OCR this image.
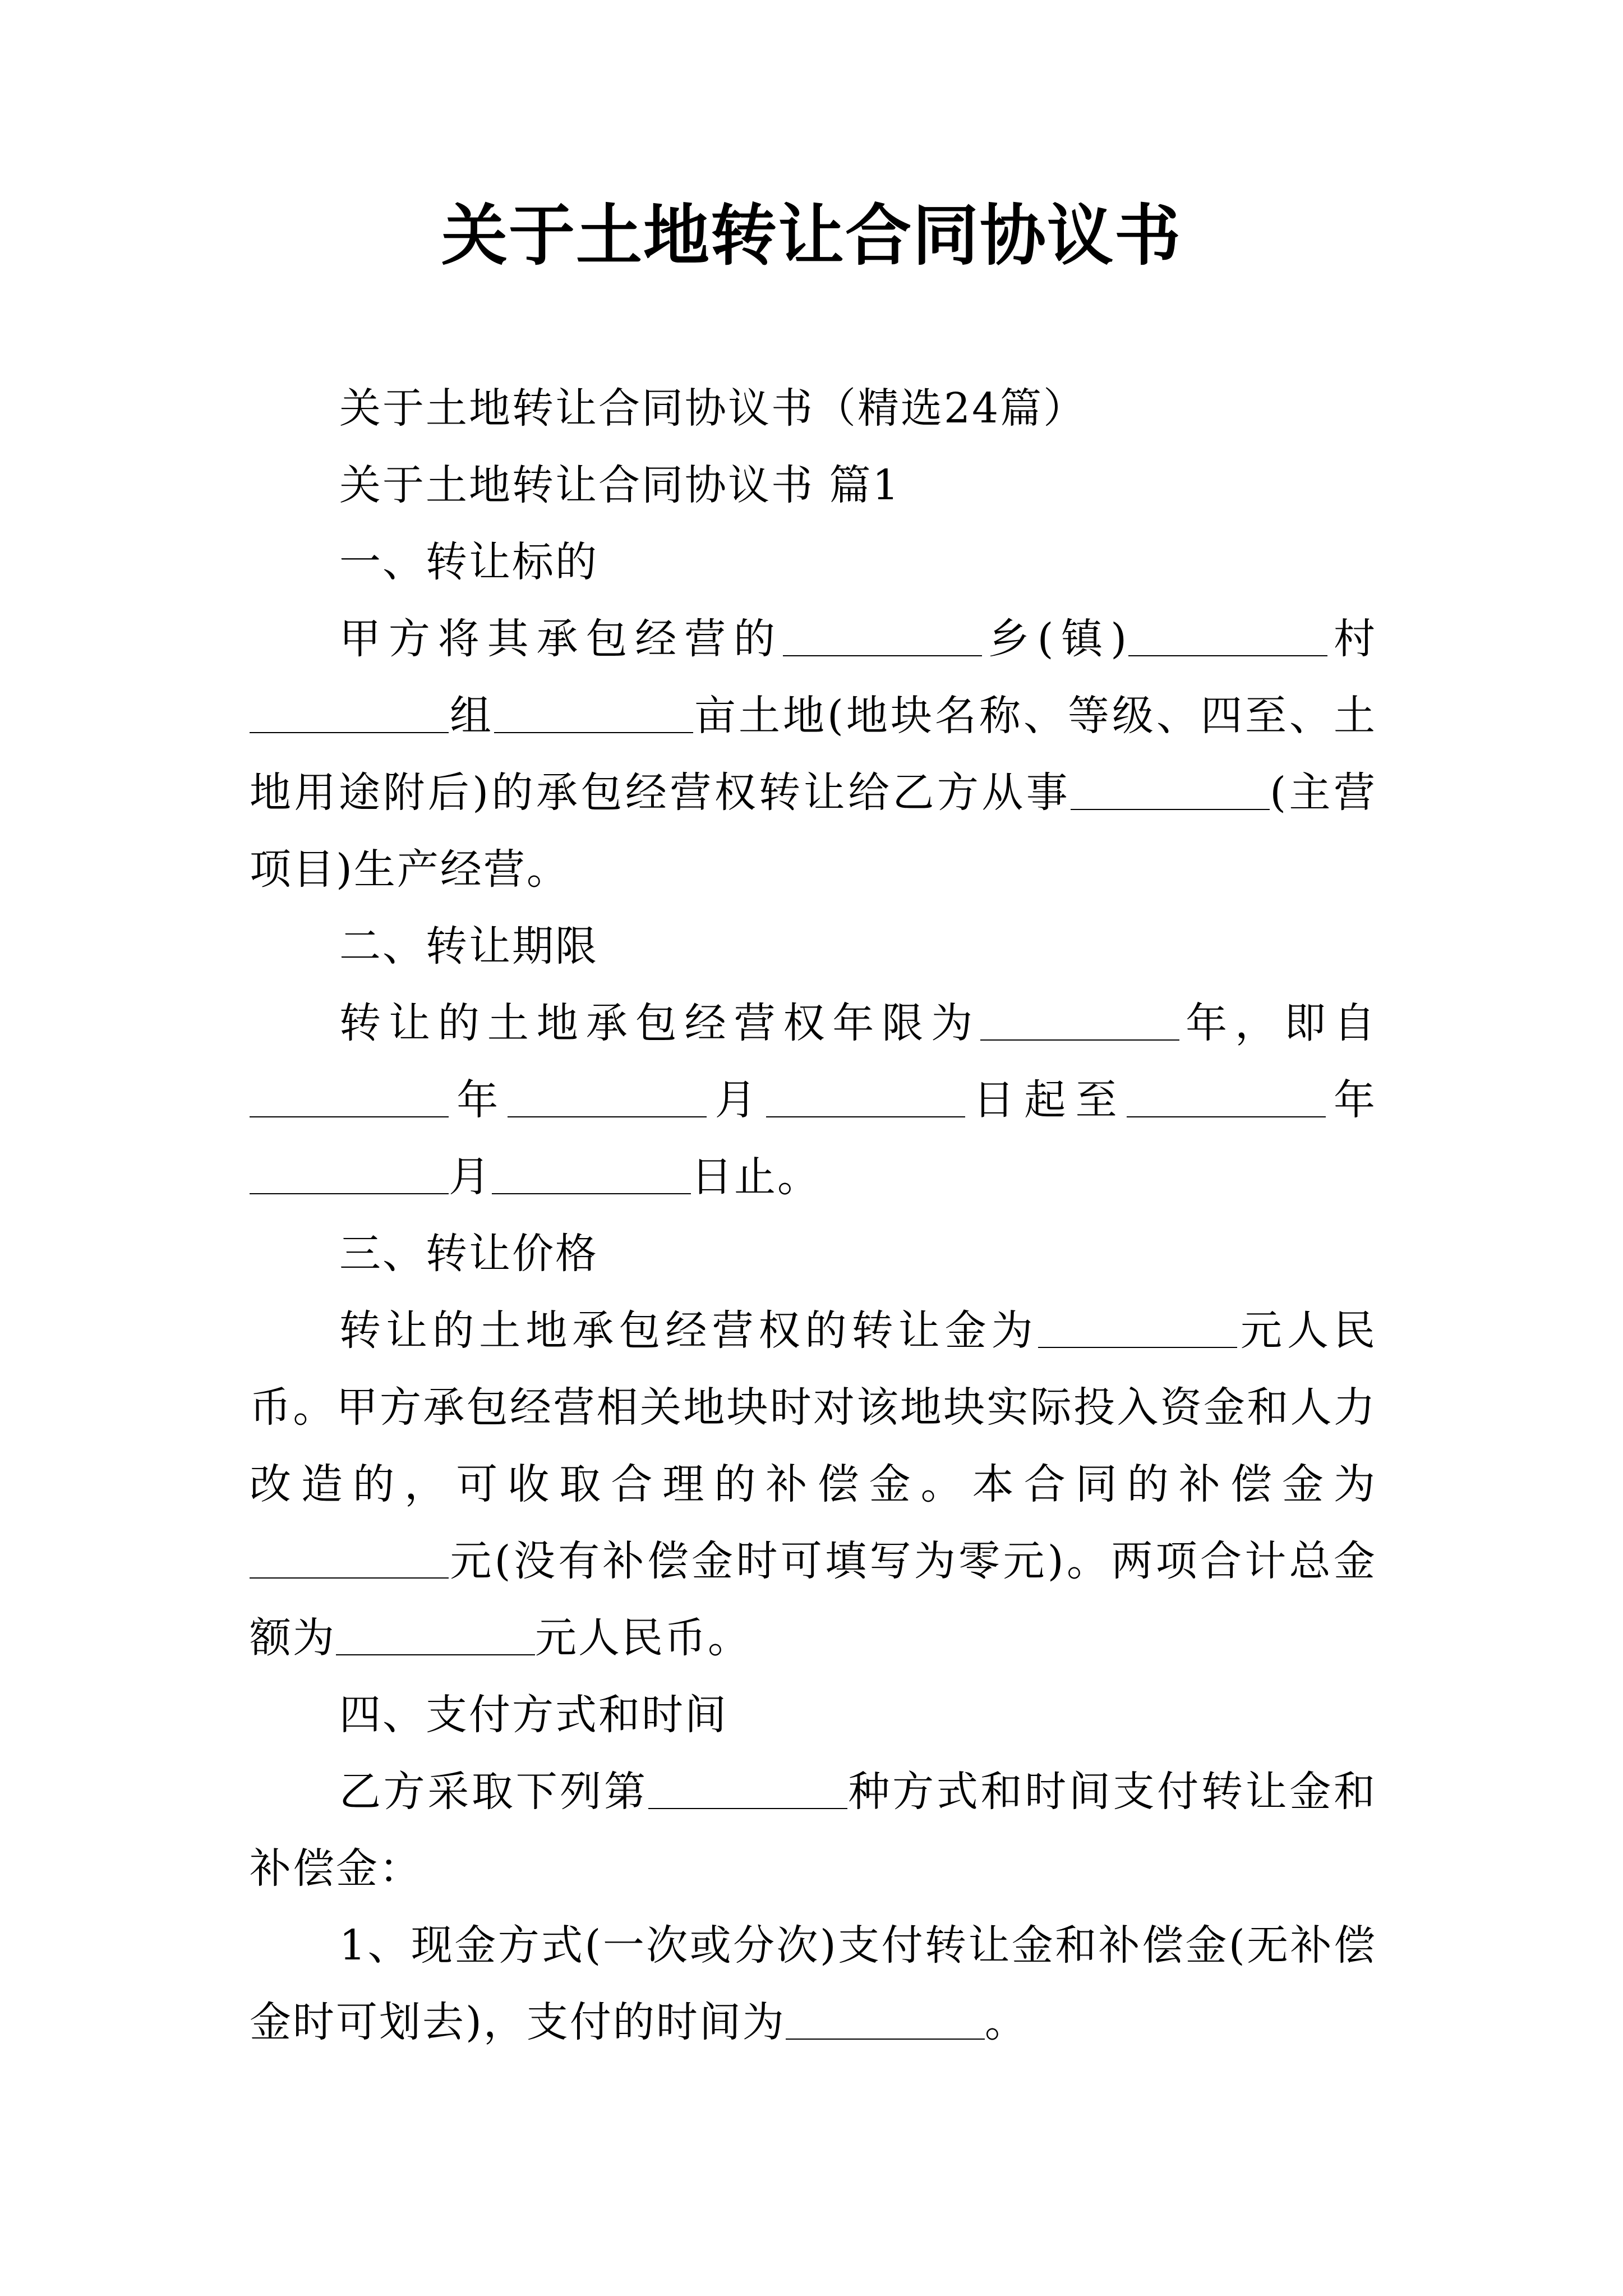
关于土地转让合同协议书

关于土地转让合同协议书（精选24篇）

关于土地转让合同协议书 篇1

一、转让标的

甲方将其承包经营的	乡(镇)	村组	亩土地(地块名称、等级、四至、土地用途附后)的承包经营权转让给乙方从事	(主营项目)生产经营。

二、转让期限

转让的土地承包经营权年限为	年，即自年	月	日起至	年月	日止。

三、转让价格

转让的土地承包经营权的转让金为	元人民币。甲方承包经营相关地块时对该地块实际投入资金和人力改造的，可收取合理的补偿金。本合同的补偿金为元(没有补偿金时可填写为零元)。两项合计总金额为	元人民币。

四、支付方式和时间

乙方采取下列第	种方式和时间支付转让金和补偿金：

1、现金方式(一次或分次)支付转让金和补偿金(无补偿金时可划去)，支付的时间为	。
